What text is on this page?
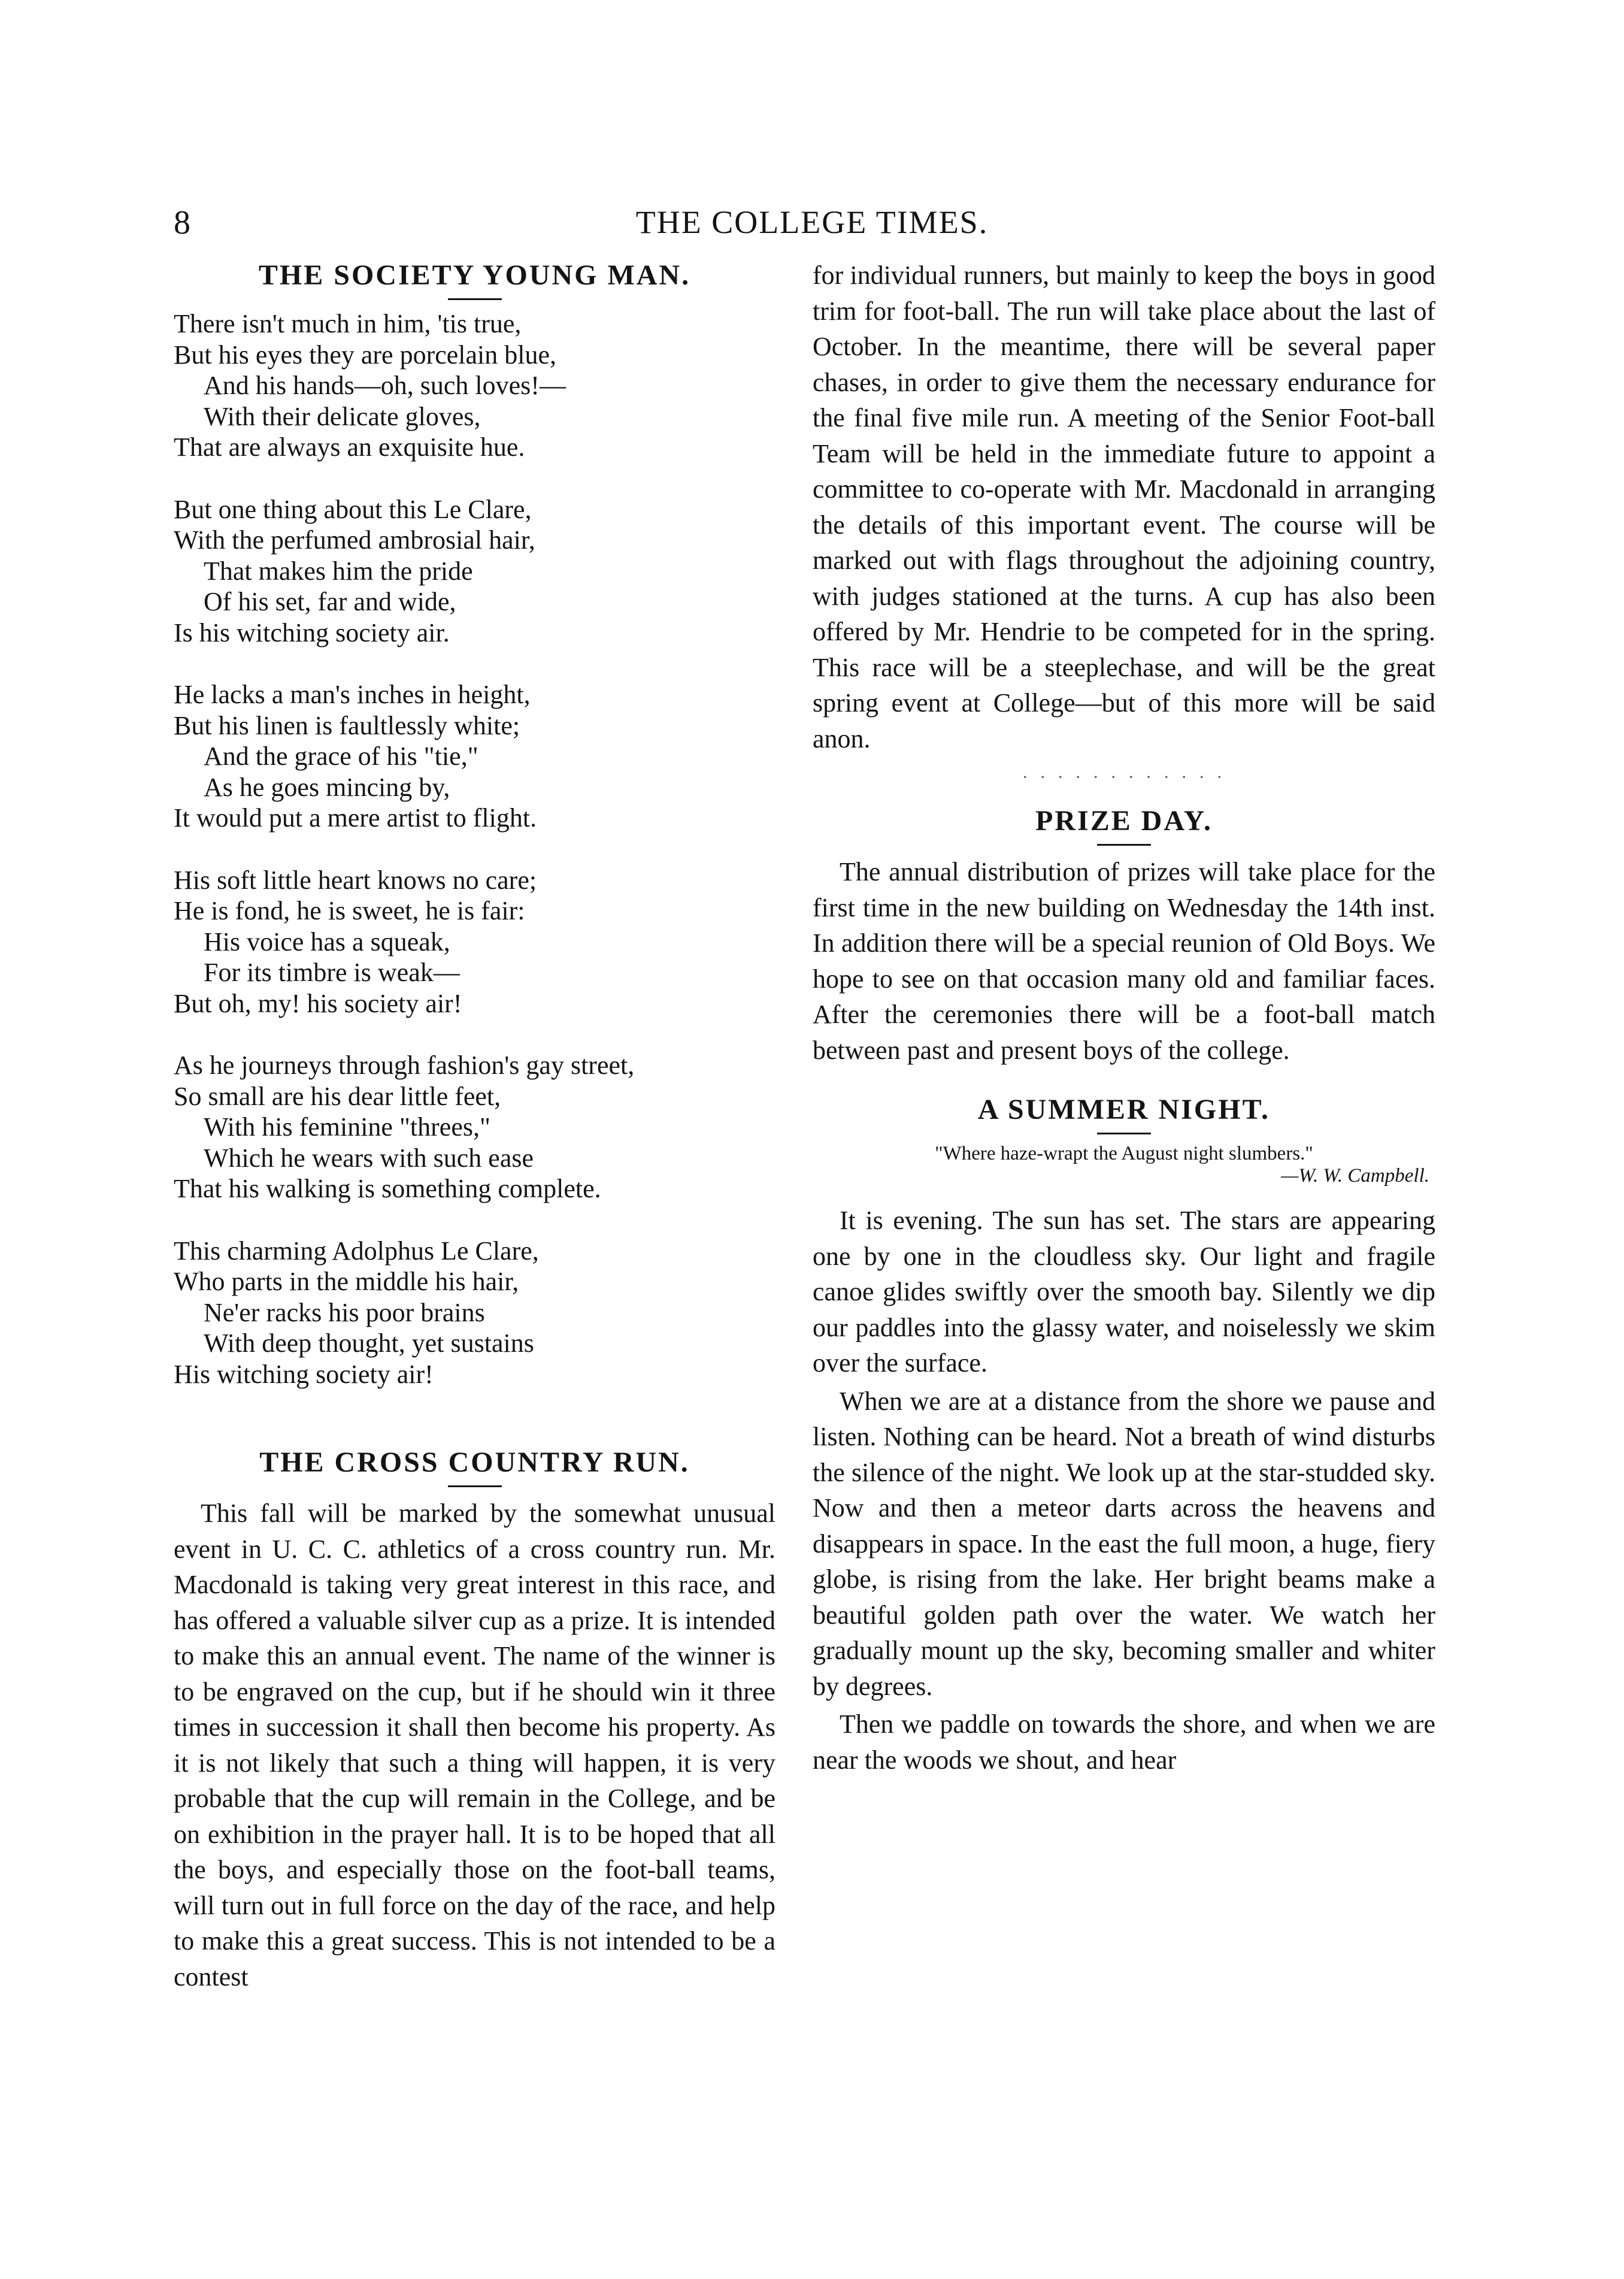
8	THE COLLEGE TIMES.
THE SOCIETY YOUNG MAN.
There isn't much in him, 'tis true,
But his eyes they are porcelain blue,
And his hands—oh, such loves!—
With their delicate gloves,
That are always an exquisite hue.
But one thing about this Le Clare,
With the perfumed ambrosial hair,
That makes him the pride
Of his set, far and wide,
Is his witching society air.
He lacks a man's inches in height,
But his linen is faultlessly white;
And the grace of his "tie,"
As he goes mincing by,
It would put a mere artist to flight.
His soft little heart knows no care;
He is fond, he is sweet, he is fair:
His voice has a squeak,
For its timbre is weak—
But oh, my! his society air!
As he journeys through fashion's gay street,
So small are his dear little feet,
With his feminine "threes,"
Which he wears with such ease
That his walking is something complete.
This charming Adolphus Le Clare,
Who parts in the middle his hair,
Ne'er racks his poor brains
With deep thought, yet sustains
His witching society air!
THE CROSS COUNTRY RUN.

This fall will be marked by the somewhat unusual event in U. C. C. athletics of a cross country run. Mr. Macdonald is taking very great interest in this race, and has offered a valuable silver cup as a prize. It is intended to make this an annual event. The name of the winner is to be engraved on the cup, but if he should win it three times in succession it shall then become his property. As it is not likely that such a thing will happen, it is very probable that the cup will remain in the College, and be on exhibition in the prayer hall. It is to be hoped that all the boys, and especially those on the foot-ball teams, will turn out in full force on the day of the race, and help to make this a great success. This is not intended to be a contest

for individual runners, but mainly to keep the boys in good trim for foot-ball. The run will take place about the last of October. In the meantime, there will be several paper chases, in order to give them the necessary endurance for the final five mile run. A meeting of the Senior Foot-ball Team will be held in the immediate future to appoint a committee to co-operate with Mr. Macdonald in arranging the details of this important event. The course will be marked out with flags throughout the adjoining country, with judges stationed at the turns. A cup has also been offered by Mr. Hendrie to be competed for in the spring. This race will be a steeplechase, and will be the great spring event at College—but of this more will be said anon.

· · · · · · · · · · · ·
PRIZE DAY.

The annual distribution of prizes will take place for the first time in the new building on Wednesday the 14th inst. In addition there will be a special reunion of Old Boys. We hope to see on that occasion many old and familiar faces. After the ceremonies there will be a foot-ball match between past and present boys of the college.

A SUMMER NIGHT.

"Where haze-wrapt the August night slumbers."

—W. W. Campbell.

It is evening. The sun has set. The stars are appearing one by one in the cloudless sky. Our light and fragile canoe glides swiftly over the smooth bay. Silently we dip our paddles into the glassy water, and noiselessly we skim over the surface.

When we are at a distance from the shore we pause and listen. Nothing can be heard. Not a breath of wind disturbs the silence of the night. We look up at the star-studded sky. Now and then a meteor darts across the heavens and disappears in space. In the east the full moon, a huge, fiery globe, is rising from the lake. Her bright beams make a beautiful golden path over the water. We watch her gradually mount up the sky, becoming smaller and whiter by degrees.

Then we paddle on towards the shore, and when we are near the woods we shout, and hear
